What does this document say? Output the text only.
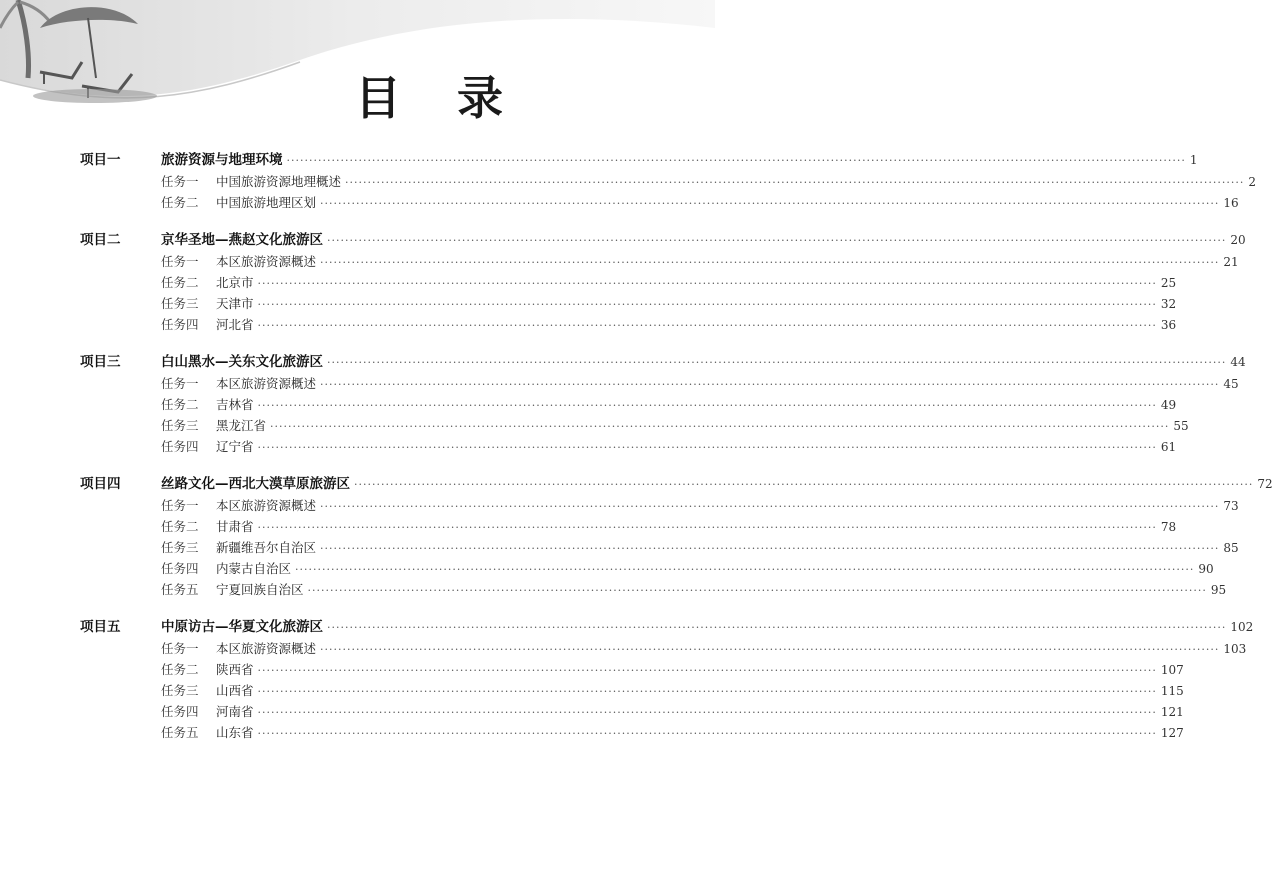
目录
项目一	旅游资源与地理环境 ········································································································································································································ 1
任务一	中国旅游资源地理概述 ········································································································································································································ 2
任务二	中国旅游地理区划 ········································································································································································································ 16
项目二	京华圣地—燕赵文化旅游区 ········································································································································································································ 20
任务一	本区旅游资源概述 ········································································································································································································ 21
任务二	北京市 ········································································································································································································ 25
任务三	天津市 ········································································································································································································ 32
任务四	河北省 ········································································································································································································ 36
项目三	白山黑水—关东文化旅游区 ········································································································································································································ 44
任务一	本区旅游资源概述 ········································································································································································································ 45
任务二	吉林省 ········································································································································································································ 49
任务三	黑龙江省 ········································································································································································································ 55
任务四	辽宁省 ········································································································································································································ 61
项目四	丝路文化—西北大漠草原旅游区 ········································································································································································································ 72
任务一	本区旅游资源概述 ········································································································································································································ 73
任务二	甘肃省 ········································································································································································································ 78
任务三	新疆维吾尔自治区 ········································································································································································································ 85
任务四	内蒙古自治区 ········································································································································································································ 90
任务五	宁夏回族自治区 ········································································································································································································ 95
项目五	中原访古—华夏文化旅游区 ········································································································································································································ 102
任务一	本区旅游资源概述 ········································································································································································································ 103
任务二	陕西省 ········································································································································································································ 107
任务三	山西省 ········································································································································································································ 115
任务四	河南省 ········································································································································································································ 121
任务五	山东省 ········································································································································································································ 127
